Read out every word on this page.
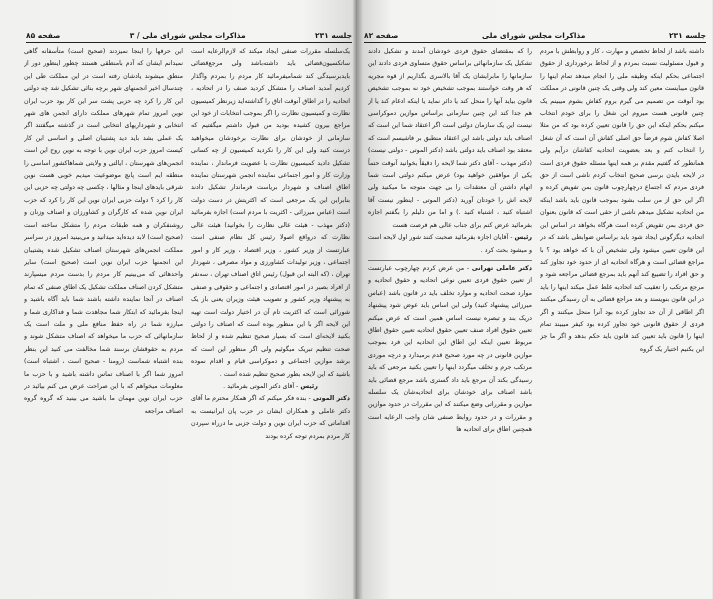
صفحه ۸۵	مذاکرات مجلس شورای ملی / ۳	جلسه ۲۳۱

یک‌سلسله مقررات صنفی ایجاد میکند که لازم‌الرعایه است ساتکسیون‌قضائی باید داشته‌باشد ولی مرجع‌قضائی بایدبرسیدگی کند شمامیفرمائید کار مردم را بمردم واگذار کردیم آمدید اصناف را متشکل کردید صنف را در اتحادیه ، اتحادیه را در اطاق آنوقت اتاق را گذاشته‌اید زیرنظر کمیسیون نظارت و کمیسیون نظارت را اگر بموجب انتخابات از خود این مراجع بیرون کشیده بودید من قبول داشتم میگفتیم که سازمانی از خودشان برای نظارت برخودشان میخواهید درست کنید ولی این کار را نکردید کمیسیون از چه کسانی تشکیل دادید کمیسیون نظارت با عضویت فرماندار ، نماینده وزارت کار و امور اجتماعی نماینده انجمن شهرستان نماینده اطاق اصناف و شهردار بریاست فرماندار تشکیل دادند بنابراین این یک مرجعی است که اکثریتش در دست دولت است (عباس میرزائی - اکثریت با مردم است) اجازه بفرمائید (دکتر مهذب - هیئت عالی نظارت را بخوانید) هیئت عالی نظارت که درواقع اصولا رئیس کل نظام صنفی است عبارتست از وزیر کشور ، وزیر اقتصاد ، وزیر کار و امور اجتماعی ، وزیر تولیدات کشاورزی و مواد مصرفی ، شهردار تهران ، (که البته ابن قبول) رئیس اتاق اصناف تهران ، سه‌نفر از افراد بصیر در امور اقتصادی و اجتماعی و حقوقی و صنفی به پیشنهاد وزیر کشور و تصویب هیئت وزیران یعنی باز یک شورائی است که اکثریت تام آن در اختیار دولت است تهیه این لایحه اگر با این منظور بوده است که اصناف را دولتی بکنید لایحه‌ای است که بسیار صحیح تنظیم شده و از لحاظ صحت تنظیم تبریک میگوئیم ولی اگر منظور این است که برشد موازین اجتماعی و دموکراسی قیام و اقدام نموده باشید که این لایحه بطور صحیح تنظیم شده است .

رئیس - آقای دکتر الموتی بفرمائید .

دکتر الموتی - بنده فکر میکنم که اگر همکار محترم ما آقای دکتر عاملی و همکاران ایشان در حزب پان ایرانیست به اقداماتی که حزب ایران نوین و دولت جزبی ما درراه سپردن کار مردم بمردم توجه کرده بودند

این حرفها را اینجا نمیزدند (صحیح است) متأسفانه گاهی نمیدانم ایشان که آدم بامنطقی هستند چطور اینطور دور از منطق میشوند یادشان رفته است در این مملکت طی این چندسال اخیر انجمنهای شهر برچه بنائی تشکیل شد چه دولتی این کار را کرد چه حزبی پشت سر این کار بود حزب ایران نوین امروز تمام شهرهای مملکت دارای انجمن های شهر انتخابی و شهرداریهای انتخابی است در گذشته میگفتند اگر یک عملی بشد باید دید پشتیبان اصلی و اساسی این کار کیست امروز حزب ایران نوین با توجه به نوین روح این است انجمن‌های شهرستان ، ایالتی و ولایتی شماهاکشور اساسی را منطقه ایم است پانچ موضوعیت میدیم خوبی هست نوین شرقی بایدهای اینجا و مثالها ، چکسی چه دولتی چه حزبی این کار را کرد ؟ دولت حزبی ایران نوین این کار را کرد که حزب ایران نوین شده که کارگران و کشاورزان و اصناف وزنان و روشنفکران و همه طبقات مردم را متشکل ساخته است (صحیح است) لابد دیده‌اید میدانید و می‌بینید امروز در سراسر مملکت انجمن‌های شهرستان اصناف تشکیل شده پشتیبان این انجمنها حزب ایران نوین است (صحیح است) سایر واحدهائی که می‌بینیم کار مردم را بدست مردم میسپارند متشکل کردن اصناف مملکت تشکیل یک اطاق صنفی که تمام اصناف در آنجا نماینده داشته باشند شما باید آگاه باشید و اینجا بفرمائید که ابتکار شما مجاهدت شما و فداکاری شما و مبارزه شما در راه حفظ منافع ملی و ملت است یک سازمانهائی که حزب ما میخواهد که اصناف متشکل شوند و مردم به حقوقشان برسند شما مخالفت می کنید این بنظر بنده اشتباه شماست (رومنا - صحیح است ، اشتباه است) امروز شما اگر با اصناف تماس داشته باشید و با حزب ما معلومات میخواهم که با این صراحت عرض می کنم بیائید در حزب ایران نوین مهمان ما باشید می بینید که گروه گروه اصناف مراجعه

صفحه ۸۲	مذاکرات مجلس شورای ملی	جلسه ۲۳۱

داشته باشد از لحاظ تخصص و مهارت ، کار و روابطش با مردم و قبول مسئولیت نسبت بمردم و از لحاظ برخورداری از حقوق اجتماعی بحکم اینکه وظیفه ملی را انجام میدهد تمام اینها را قانون میبایست معین کند ولی وقتی یک چنین قانونی در مملکت بود آنوقت من تصمیم می گیرم بروم کفاش بشوم میبینم یک چنین قانونی هست میروم این شغل را برای خودم انتخاب میکنم بحکم اینکه این حق را قانون تعیین کرده بود که من مثلا اصلا کفاش شوم فرضاً حق اصلی کفاش آن است که آن شغل را انتخاب کنم و بعد بعضویت اتحادیه کفاشان درآیم ولی همانطور که گفتیم مقدم بر همه اینها مسئله حقوق فردی است در لایحه بایدن برسی صحیح انتخاب کردم ناشی است از حق فردی مردم که اجتماع درچهارچوب قانون بمن تفویض کرده و اگر این حق از من سلب بشود بموجب قانون باید باشد اینکه من اتحادیه تشکیل میدهم ناشی از حقی است که قانون بعنوان حق فردی بمن تفویض کرده است هرگاه بخواهد در اساس این اتحادیه دیگرگونی ایجاد شود باید براساس ضوابطی باشد که در این قانون تعیین میشود ولی تشخیص آن با که خواهد بود ؟ با مراجع قضائی است و هرگاه اتحادیه ای از حدود خود تجاوز کند و حق افراد را تضییع کند آنهم باید بمرجع قضائی مراجعه شود و مرجع مرتکب را تعقیب کند اتحادیه غلط عمل میکند اینها را باید در این قانون بنویسند و بعد مراجع قضائی به آن رسیدگی میکنند اگر اطاقی از آن حد تجاوز کرده بود آنرا منحل میکنند و اگر فردی از حقوق قانونی خود تجاوز کرده بود کیفر میبیند تمام اینها را قانون باید تعیین کند قانون باید حکم بدهد و اگر ما جز این بکنیم اختیار یک گروه

را که بمقتضای حقوق فردی خودشان آمدند و تشکیل دادند تشکیل یک سازمانهائی براساس حقوق متساوی فردی دادند این سازمانها را مابرایشان یک آقا بالاسری بگذاریم از قوه مجریه که هر وقت خواستند بموجب تشخیص خود نه بموجب تشخیص قانون بیاید آنها را منحل کند یا دائر نماید یا اینکه ادغام کند یا از هم جدا کند این چنین سازمانی براساس موازین دموکراسی نیست این یک سازمان دولتی است اگر اعتقاد شما این است که اصناف باید دولتی باشد این اعتقاد منطبق بر فاشیسم است که معتقد بود اصناف باید دولتی باشد (دکتر الموتی - دولتی نیست) (دکتر مهذب - آقای دکتر شما لایحه را دقیقاً بخوانید آنوقت حتماً یکی از موافقین خواهید بود) عرض میکنم دولتی است شما اتهام داشتن آن معتقدات را بی جهت متوجه ما میکنید ولی لایحه اش را خودتان آورید (دکتر الموتی - اینطور نیست آقا اشتباه کنید ، اشتباه کنید .) و اما من دلیلم را بگفتم اجازه بفرمائید عرض کنم برای جناب عالی هم فرصت هست

رئیس - آقایان اجازه بفرمائید صحبت کنند شور اول لایحه است و میشود بحث کرد .

دکتر عاملی تهرانی - من عرض کردم چهارچوب عبارتست از تعیین حقوق فردی تعیین نوعی اتحادیه و حقوق اتحادیه و موارد صحت اتحادیه و موارد تخلف باید در قانون باشد (عباس میرزائی پیشنهاد کنید) ولی این اساس باید عوض شود پیشنهاد دریک بند و تبصره نیست اساس همین است که عرض میکنم تعیین حقوق افراد صنف تعیین حقوق اتحادیه تعیین حقوق اطاق مربوط تعیین اینکه این اطاق این اتحادیه این فرد بموجب موازین قانونی در چه مورد صحیح قدم برمیدارد و درچه موردی مرتکب جرم و تخلف میگردد اینها را تعیین بکنید مرجعی که باید رسیدگی بکند آن مرجع باید داد گستری باشد مرجع قضائی باید باشد اصناف برای خودشان برای اتحادیه‌شان یک سلسله موازین و مقرراتی وضع میکنند که این مقررات در حدود موازین و مقررات و در حدود روابط صنفی شان واجب الرعایه است همچنین اطاق برای اتحادیه ها
